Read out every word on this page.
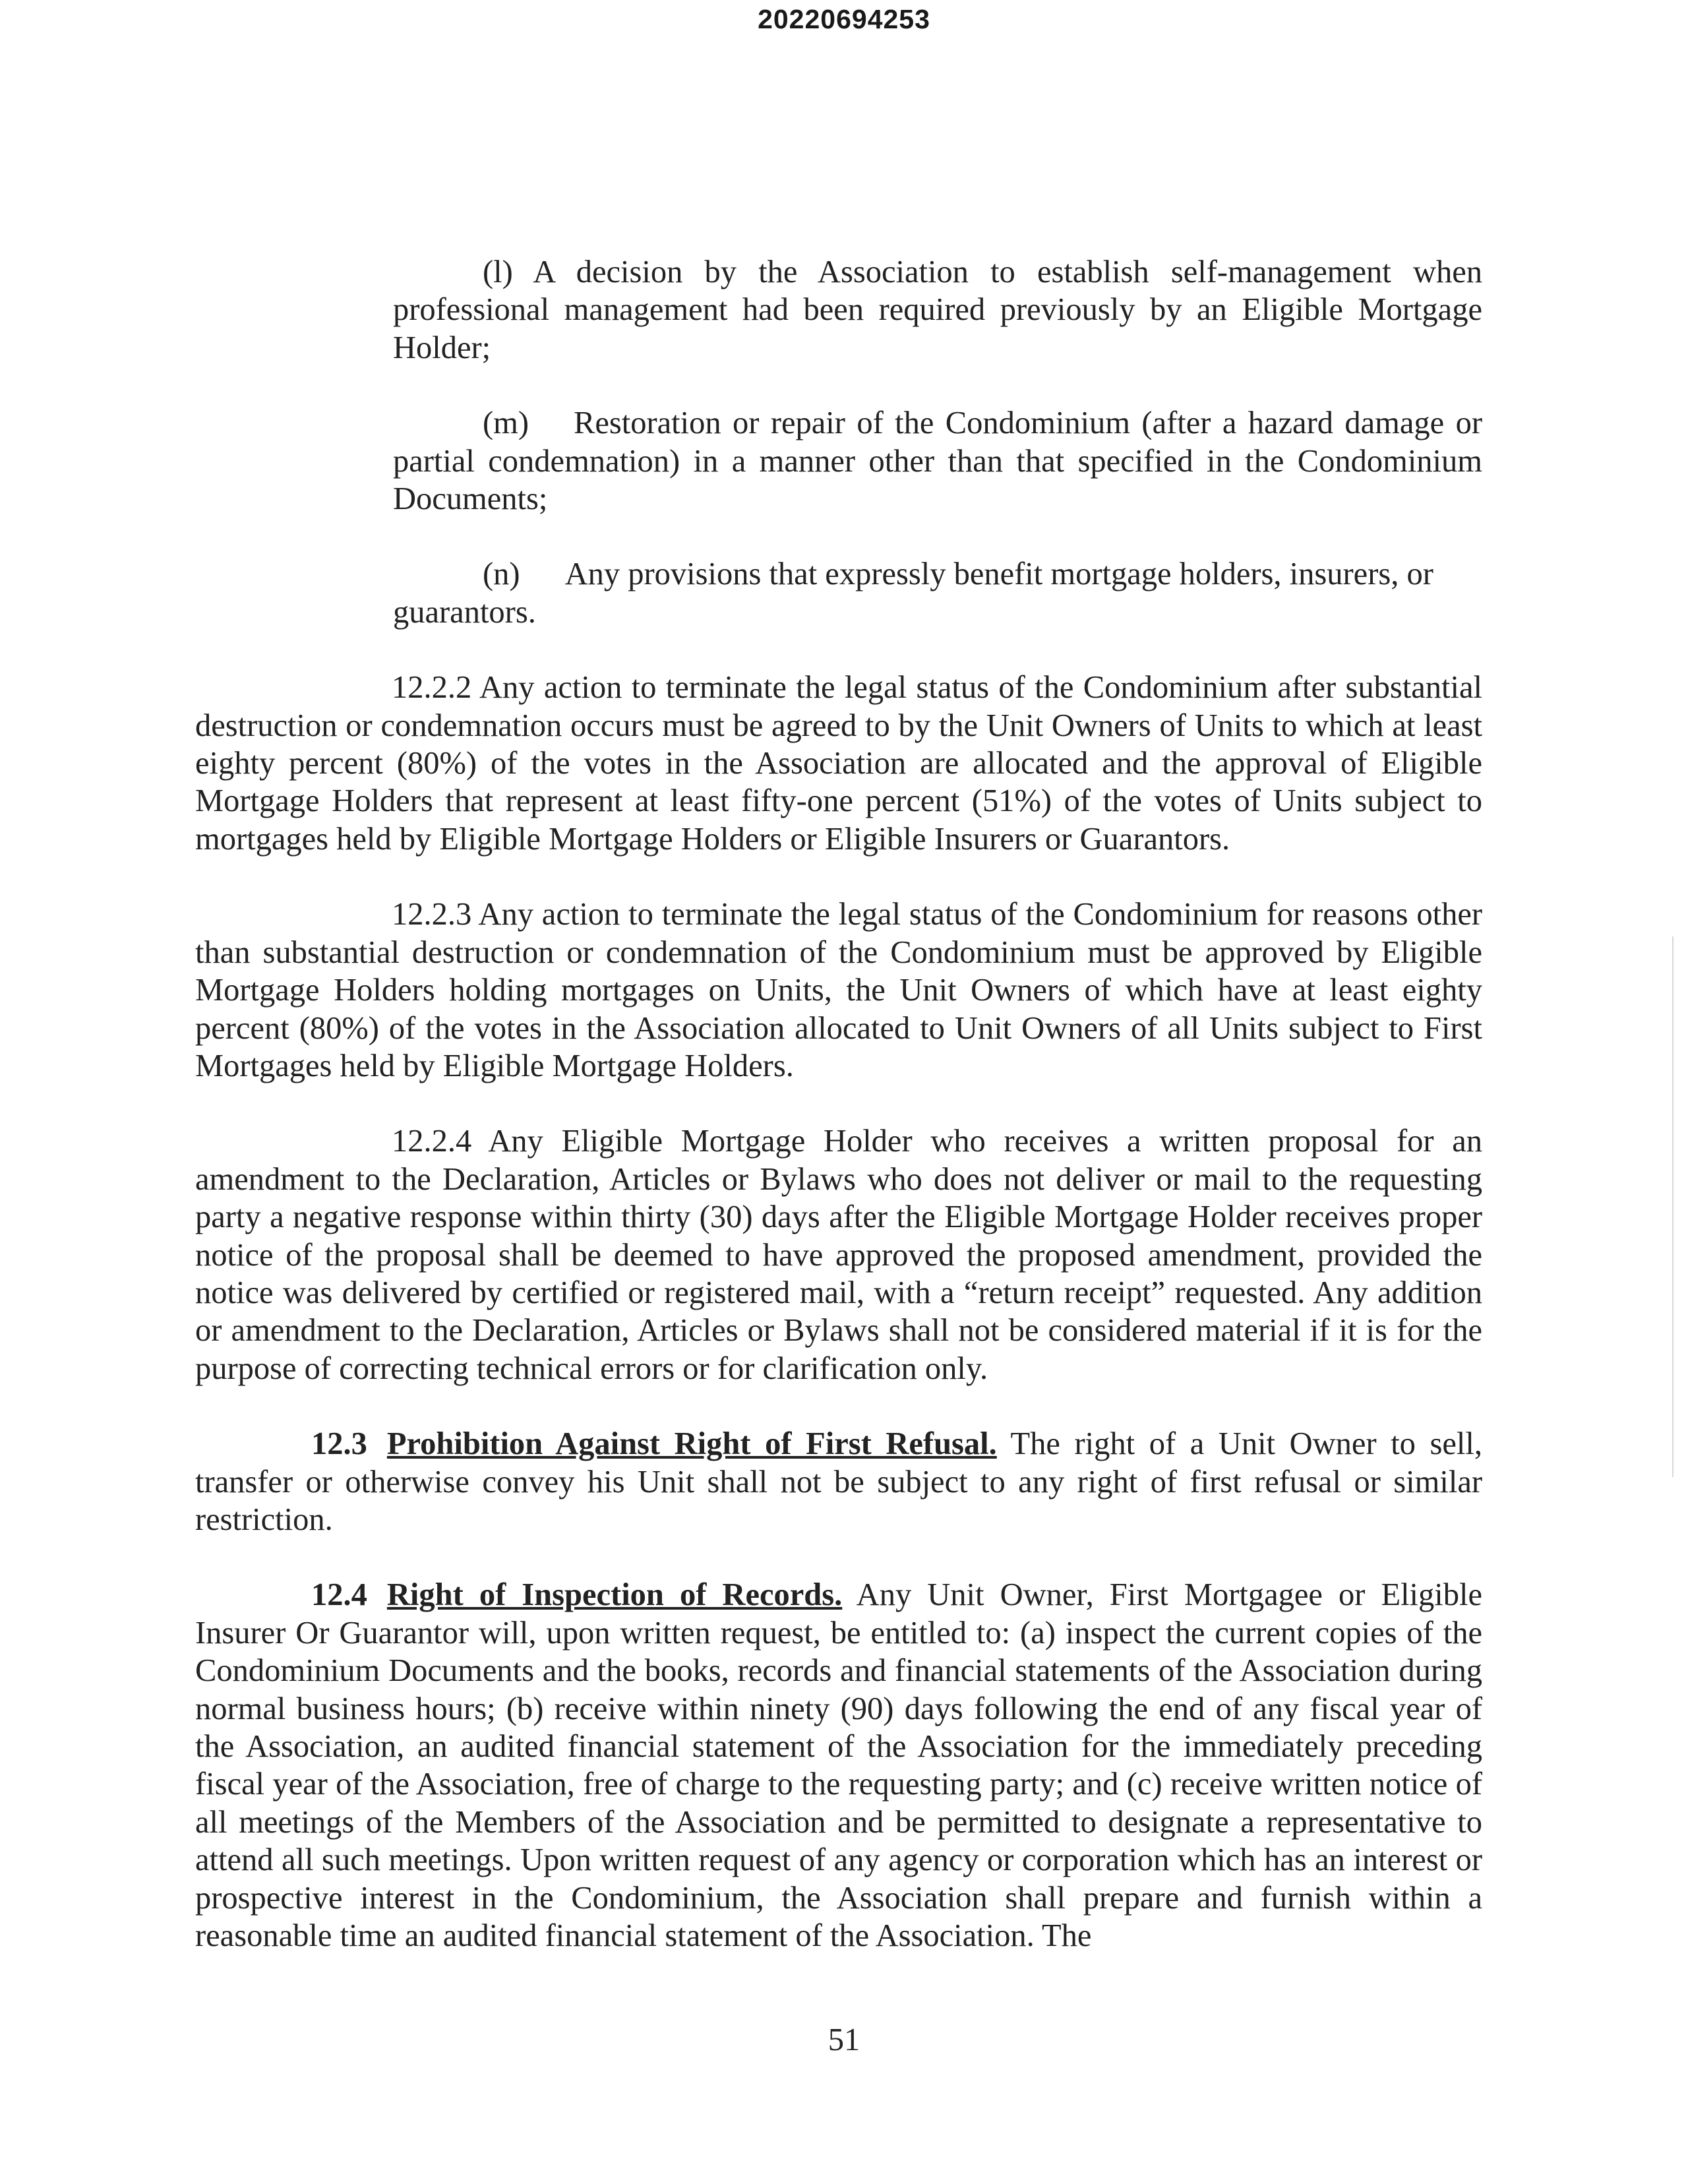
20220694253

(l) A decision by the Association to establish self-management when professional management had been required previously by an Eligible Mortgage Holder;

(m) Restoration or repair of the Condominium (after a hazard damage or partial condemnation) in a manner other than that specified in the Condominium Documents;

(n) Any provisions that expressly benefit mortgage holders, insurers, or guarantors.

12.2.2 Any action to terminate the legal status of the Condominium after substantial destruction or condemnation occurs must be agreed to by the Unit Owners of Units to which at least eighty percent (80%) of the votes in the Association are allocated and the approval of Eligible Mortgage Holders that represent at least fifty-one percent (51%) of the votes of Units subject to mortgages held by Eligible Mortgage Holders or Eligible Insurers or Guarantors.

12.2.3 Any action to terminate the legal status of the Condominium for reasons other than substantial destruction or condemnation of the Condominium must be approved by Eligible Mortgage Holders holding mortgages on Units, the Unit Owners of which have at least eighty percent (80%) of the votes in the Association allocated to Unit Owners of all Units subject to First Mortgages held by Eligible Mortgage Holders.

12.2.4 Any Eligible Mortgage Holder who receives a written proposal for an amendment to the Declaration, Articles or Bylaws who does not deliver or mail to the requesting party a negative response within thirty (30) days after the Eligible Mortgage Holder receives proper notice of the proposal shall be deemed to have approved the proposed amendment, provided the notice was delivered by certified or registered mail, with a “return receipt” requested. Any addition or amendment to the Declaration, Articles or Bylaws shall not be considered material if it is for the purpose of correcting technical errors or for clarification only.

12.3 Prohibition Against Right of First Refusal. The right of a Unit Owner to sell, transfer or otherwise convey his Unit shall not be subject to any right of first refusal or similar restriction.

12.4 Right of Inspection of Records. Any Unit Owner, First Mortgagee or Eligible Insurer Or Guarantor will, upon written request, be entitled to: (a) inspect the current copies of the Condominium Documents and the books, records and financial statements of the Association during normal business hours; (b) receive within ninety (90) days following the end of any fiscal year of the Association, an audited financial statement of the Association for the immediately preceding fiscal year of the Association, free of charge to the requesting party; and (c) receive written notice of all meetings of the Members of the Association and be permitted to designate a representative to attend all such meetings. Upon written request of any agency or corporation which has an interest or prospective interest in the Condominium, the Association shall prepare and furnish within a reasonable time an audited financial statement of the Association. The

51
